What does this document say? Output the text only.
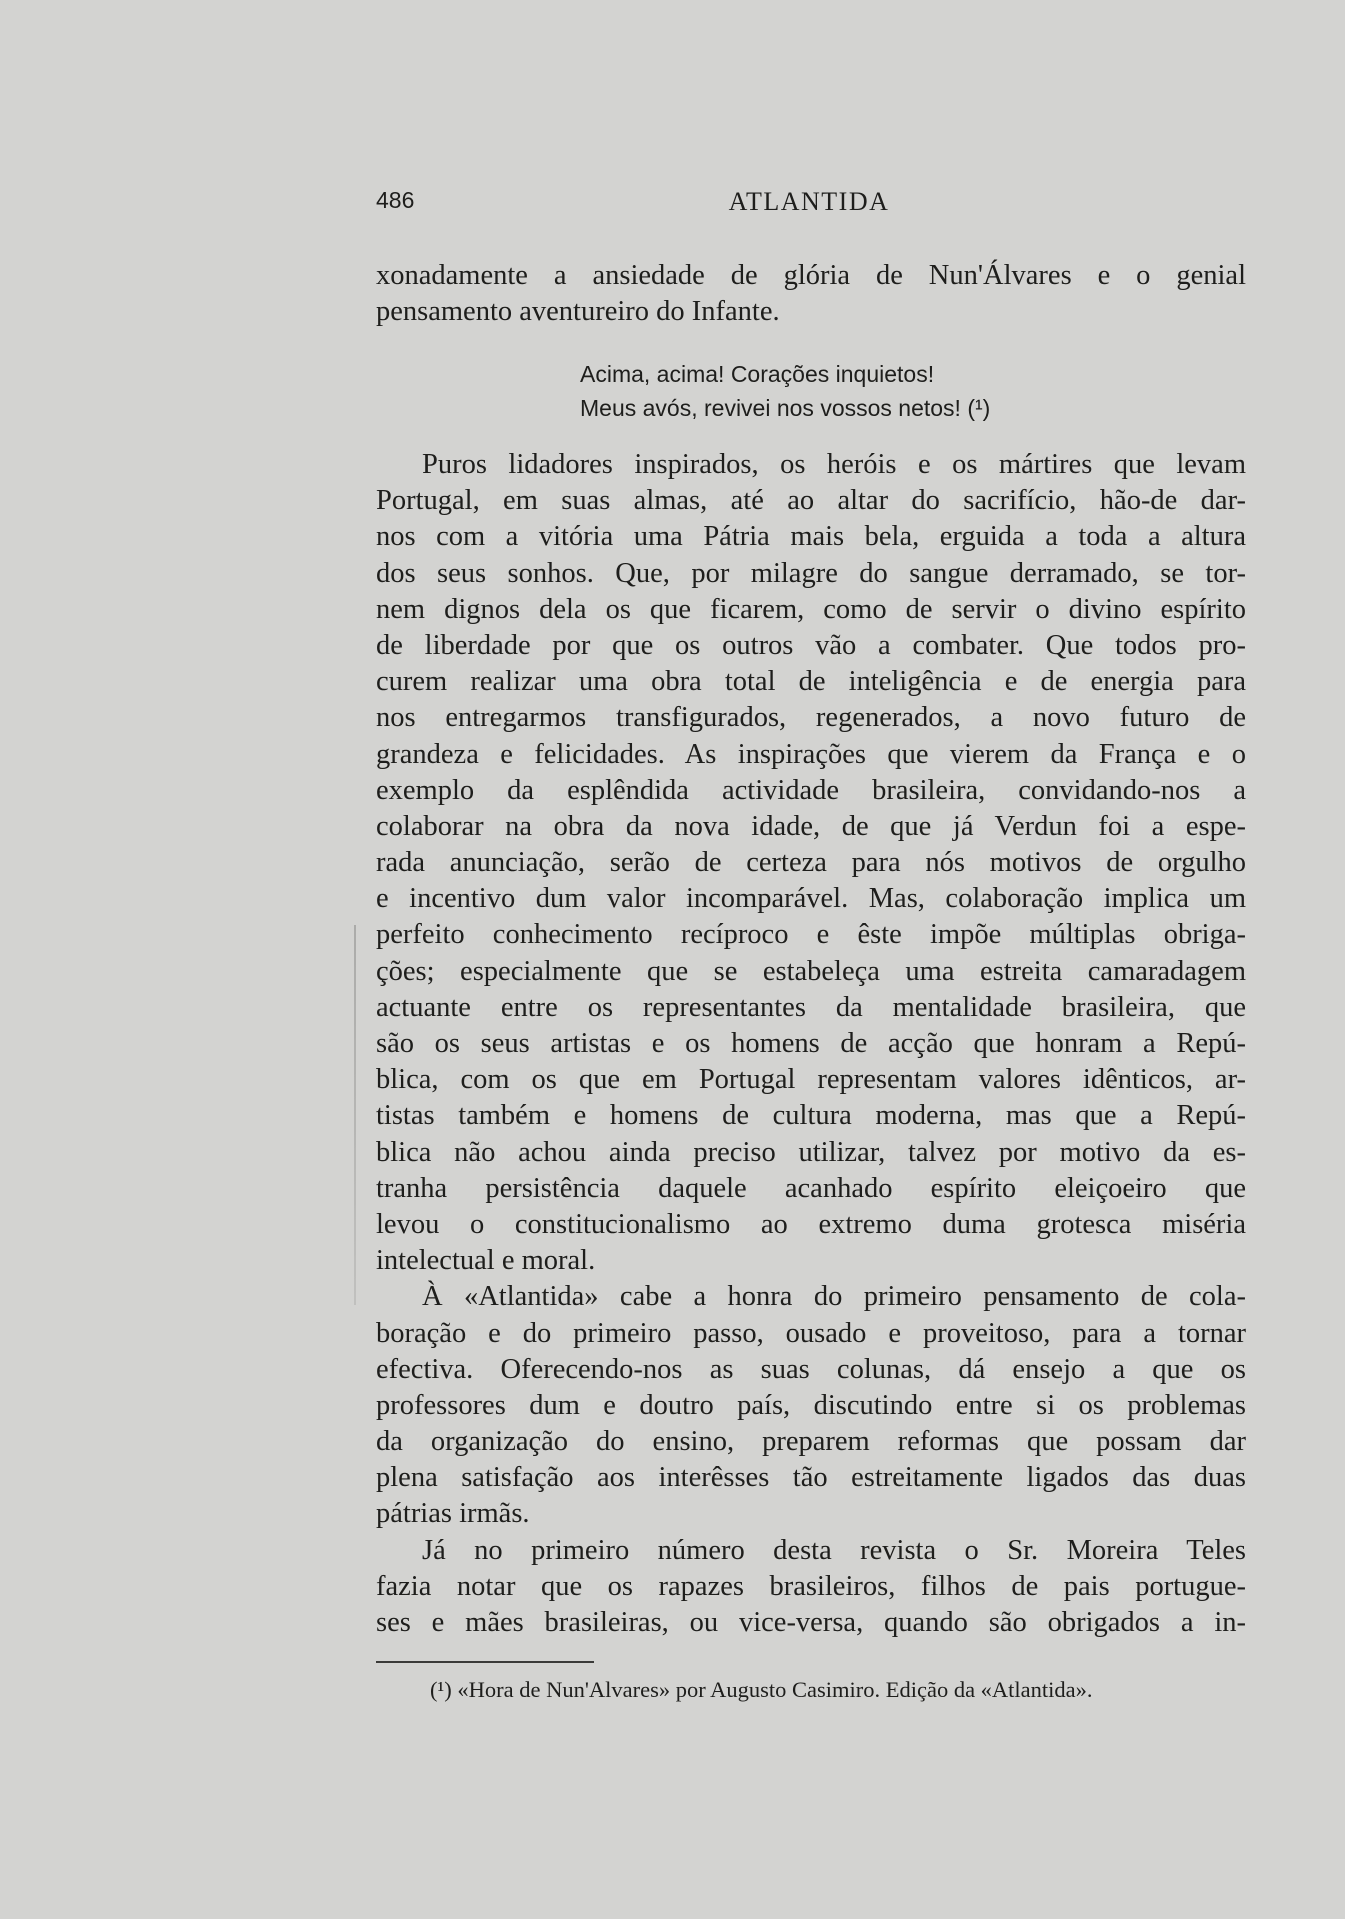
486	ATLANTIDA
xonadamente a ansiedade de glória de Nun'Álvares e o genial
pensamento aventureiro do Infante.
Acima, acima! Corações inquietos!
Meus avós, revivei nos vossos netos! (¹)
Puros lidadores inspirados, os heróis e os mártires que levam
Portugal, em suas almas, até ao altar do sacrifício, hão-de dar-
nos com a vitória uma Pátria mais bela, erguida a toda a altura
dos seus sonhos. Que, por milagre do sangue derramado, se tor-
nem dignos dela os que ficarem, como de servir o divino espírito
de liberdade por que os outros vão a combater. Que todos pro-
curem realizar uma obra total de inteligência e de energia para
nos entregarmos transfigurados, regenerados, a novo futuro de
grandeza e felicidades. As inspirações que vierem da França e o
exemplo da esplêndida actividade brasileira, convidando-nos a
colaborar na obra da nova idade, de que já Verdun foi a espe-
rada anunciação, serão de certeza para nós motivos de orgulho
e incentivo dum valor incomparável. Mas, colaboração implica um
perfeito conhecimento recíproco e êste impõe múltiplas obriga-
ções; especialmente que se estabeleça uma estreita camaradagem
actuante entre os representantes da mentalidade brasileira, que
são os seus artistas e os homens de acção que honram a Repú-
blica, com os que em Portugal representam valores idênticos, ar-
tistas também e homens de cultura moderna, mas que a Repú-
blica não achou ainda preciso utilizar, talvez por motivo da es-
tranha persistência daquele acanhado espírito eleiçoeiro que
levou o constitucionalismo ao extremo duma grotesca miséria
intelectual e moral.
À «Atlantida» cabe a honra do primeiro pensamento de cola-
boração e do primeiro passo, ousado e proveitoso, para a tornar
efectiva. Oferecendo-nos as suas colunas, dá ensejo a que os
professores dum e doutro país, discutindo entre si os problemas
da organização do ensino, preparem reformas que possam dar
plena satisfação aos interêsses tão estreitamente ligados das duas
pátrias irmãs.
Já no primeiro número desta revista o Sr. Moreira Teles
fazia notar que os rapazes brasileiros, filhos de pais portugue-
ses e mães brasileiras, ou vice-versa, quando são obrigados a in-
(¹) «Hora de Nun'Alvares» por Augusto Casimiro. Edição da «Atlantida».
